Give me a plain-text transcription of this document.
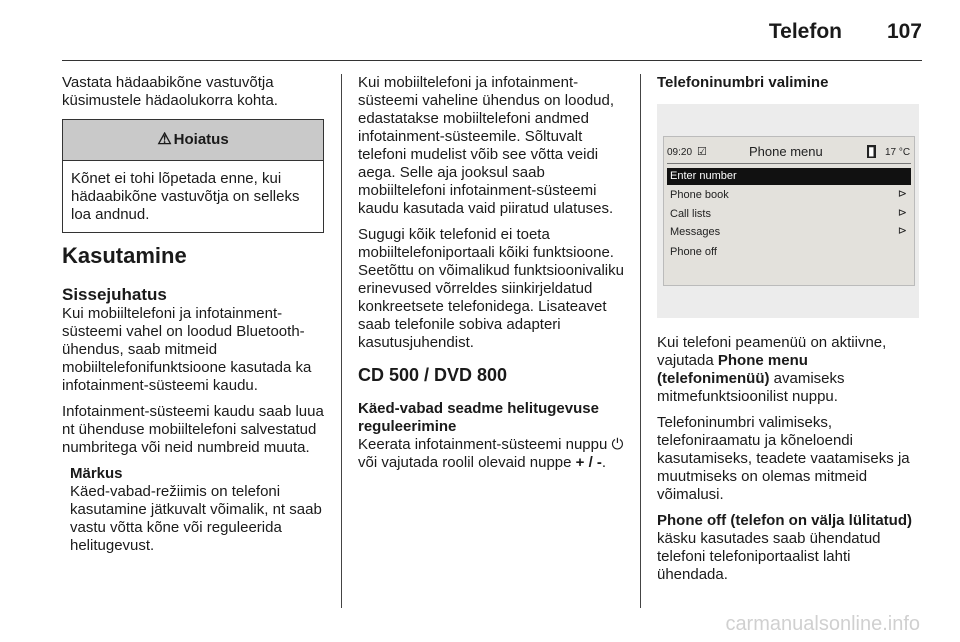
Telefon 107

Vastata hädaabikõne vastuvõtja küsimustele hädaolukorra kohta.

⚠ Hoiatus
Kõnet ei tohi lõpetada enne, kui hädaabikõne vastuvõtja on selleks loa andnud.
Kasutamine
Sissejuhatus

Kui mobiiltelefoni ja infotainment-süsteemi vahel on loodud Bluetooth-ühendus, saab mitmeid mobiiltelefonifunktsioone kasutada ka infotainment-süsteemi kaudu.

Infotainment-süsteemi kaudu saab luua nt ühenduse mobiiltelefoni salvestatud numbritega või neid numbreid muuta.

Märkus
Käed-vabad-režiimis on telefoni kasutamine jätkuvalt võimalik, nt saab vastu võtta kõne või reguleerida helitugevust.

Kui mobiiltelefoni ja infotainment-süsteemi vaheline ühendus on loodud, edastatakse mobiiltelefoni andmed infotainment-süsteemile. Sõltuvalt telefoni mudelist võib see võtta veidi aega. Selle aja jooksul saab mobiiltelefoni infotainment-süsteemi kaudu kasutada vaid piiratud ulatuses.

Sugugi kõik telefonid ei toeta mobiiltelefoniportaali kõiki funktsioone. Seetõttu on võimalikud funktsioonivaliku erinevused võrreldes siinkirjeldatud konkreetsete telefonidega. Lisateavet saab telefonile sobiva adapteri kasutusjuhendist.

CD 500 / DVD 800
Käed-vabad seadme helitugevuse reguleerimine

Keerata infotainment-süsteemi nuppu ⏻ või vajutada roolil olevaid nuppe + / -.

Telefoninumbri valimine
09:20 ☑	Phone menu	▮ 17 °C
Enter number
Phone book	⊳
Call lists	⊳
Messages	⊳
Phone off

Kui telefoni peamenüü on aktiivne, vajutada Phone menu (telefonimenüü) avamiseks mitmefunktsioonilist nuppu.

Telefoninumbri valimiseks, telefoniraamatu ja kõneloendi kasutamiseks, teadete vaatamiseks ja muutmiseks on olemas mitmeid võimalusi.

Phone off (telefon on välja lülitatud) käsku kasutades saab ühendatud telefoni telefoniportaalist lahti ühendada.

carmanualsonline.info
